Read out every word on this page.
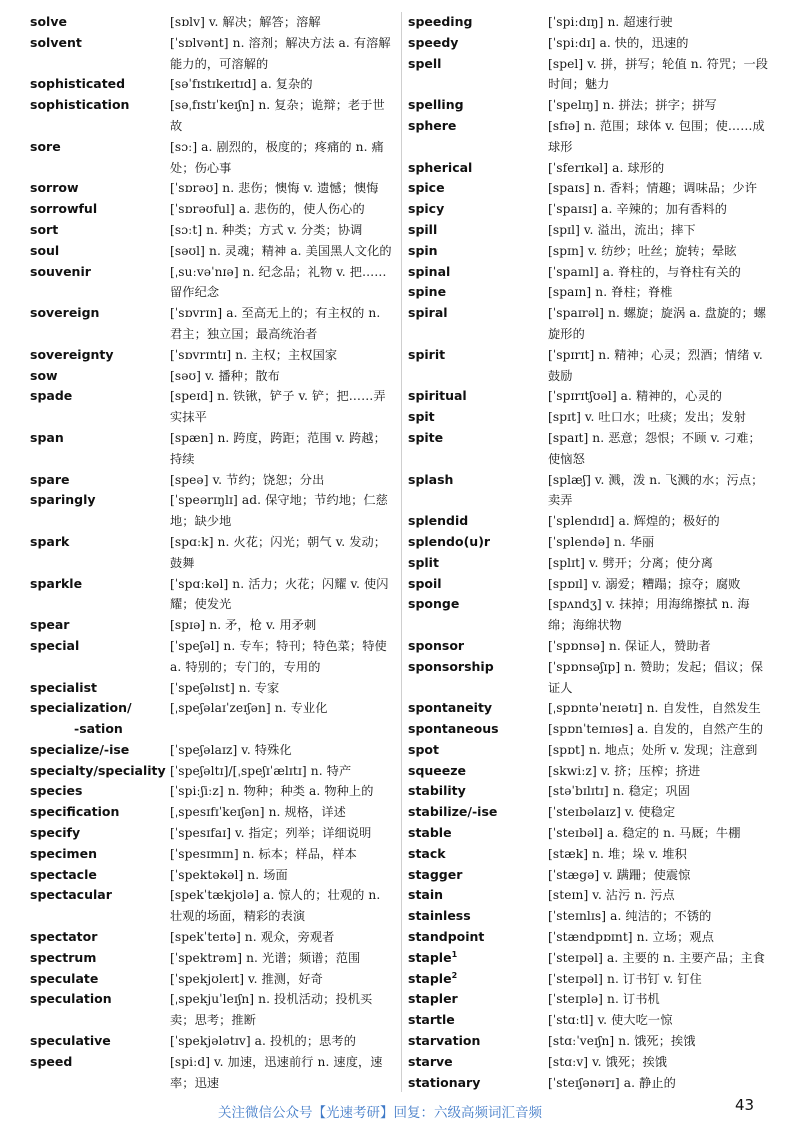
solve	[sɒlv] v. 解决；解答；溶解
solvent	[ˈsɒlvənt] n. 溶剂；解决方法 a. 有溶解能力的，可溶解的
sophisticated	[səˈfɪstɪkeɪtɪd] a. 复杂的
sophistication	[səˌfɪstɪˈkeɪʃn] n. 复杂；诡辩；老于世故
sore	[sɔː] a. 剧烈的，极度的；疼痛的 n. 痛处；伤心事
sorrow	[ˈsɒrəʊ] n. 悲伤；懊悔 v. 遗憾；懊悔
sorrowful	[ˈsɒrəʊful] a. 悲伤的，使人伤心的
sort	[sɔːt] n. 种类；方式 v. 分类；协调
soul	[səʊl] n. 灵魂；精神 a. 美国黑人文化的
souvenir	[ˌsuːvəˈnɪə] n. 纪念品；礼物 v. 把……留作纪念
sovereign	[ˈsɒvrɪn] a. 至高无上的；有主权的 n. 君主；独立国；最高统治者
sovereignty	[ˈsɒvrɪntɪ] n. 主权；主权国家
sow	[səʊ] v. 播种；散布
spade	[speɪd] n. 铁锹，铲子 v. 铲；把……弄实抹平
span	[spæn] n. 跨度，跨距；范围 v. 跨越；持续
spare	[speə] v. 节约；饶恕；分出
sparingly	[ˈspeərɪŋlɪ] ad. 保守地；节约地；仁慈地；缺少地
spark	[spɑːk] n. 火花；闪光；朝气 v. 发动；鼓舞
sparkle	[ˈspɑːkəl] n. 活力；火花；闪耀 v. 使闪耀；使发光
spear	[spɪə] n. 矛，枪 v. 用矛刺
special	[ˈspeʃəl] n. 专车；特刊；特色菜；特使 a. 特别的；专门的，专用的
specialist	[ˈspeʃəlɪst] n. 专家
specialization/
-sation
[ˌspeʃəlaɪˈzeɪʃən] n. 专业化
specialize/-ise	[ˈspeʃəlaɪz] v. 特殊化
specialty/speciality [ˈspeʃəltɪ]/[ˌspeʃɪˈælɪtɪ] n. 特产
species	[ˈspiːʃiːz] n. 物种；种类 a. 物种上的
specification	[ˌspesɪfɪˈkeɪʃən] n. 规格，详述
specify	[ˈspesɪfaɪ] v. 指定；列举；详细说明
specimen	[ˈspesɪmɪn] n. 标本；样品，样本
spectacle	[ˈspektəkəl] n. 场面
spectacular	[spekˈtækjʊlə] a. 惊人的；壮观的 n. 壮观的场面，精彩的表演
spectator	[spekˈteɪtə] n. 观众，旁观者
spectrum	[ˈspektrəm] n. 光谱；频谱；范围
speculate	[ˈspekjʊleɪt] v. 推测，好奇
speculation	[ˌspekjuˈleɪʃn] n. 投机活动；投机买卖；思考；推断
speculative	[ˈspekjələtɪv] a. 投机的；思考的
speed	[spiːd] v. 加速，迅速前行 n. 速度，速率；迅速
speeding	[ˈspiːdɪŋ] n. 超速行驶
speedy	[ˈspiːdɪ] a. 快的，迅速的
spell	[spel] v. 拼，拼写；轮值 n. 符咒；一段时间；魅力
spelling	[ˈspelɪŋ] n. 拼法；拼字；拼写
sphere	[sfɪə] n. 范围；球体 v. 包围；使……成球形
spherical	[ˈsferɪkəl] a. 球形的
spice	[spaɪs] n. 香料；情趣；调味品；少许
spicy	[ˈspaɪsɪ] a. 辛辣的；加有香料的
spill	[spɪl] v. 溢出，流出；摔下
spin	[spɪn] v. 纺纱；吐丝；旋转；晕眩
spinal	[ˈspaɪnl] a. 脊柱的，与脊柱有关的
spine	[spaɪn] n. 脊柱；脊椎
spiral	[ˈspaɪrəl] n. 螺旋；旋涡 a. 盘旋的；螺旋形的
spirit	[ˈspɪrɪt] n. 精神；心灵；烈酒；情绪 v. 鼓励
spiritual	[ˈspɪrɪtʃʊəl] a. 精神的，心灵的
spit	[spɪt] v. 吐口水；吐痰；发出；发射
spite	[spaɪt] n. 恶意；怨恨；不顾 v. 刁难；使恼怒
splash	[splæʃ] v. 溅，泼 n. 飞溅的水；污点；卖弄
splendid	[ˈsplendɪd] a. 辉煌的；极好的
splendo(u)r	[ˈsplendə] n. 华丽
split	[splɪt] v. 劈开；分离；使分离
spoil	[spɒɪl] v. 溺爱；糟蹋；掠夺；腐败
sponge	[spʌndʒ] v. 抹掉；用海绵擦拭 n. 海绵；海绵状物
sponsor	[ˈspɒnsə] n. 保证人，赞助者
sponsorship	[ˈspɒnsəʃɪp] n. 赞助；发起；倡议；保证人
spontaneity	[ˌspɒntəˈneɪətɪ] n. 自发性，自然发生
spontaneous	[spɒnˈteɪnɪəs] a. 自发的，自然产生的
spot	[spɒt] n. 地点；处所 v. 发现；注意到
squeeze	[skwiːz] v. 挤；压榨；挤进
stability	[stəˈbɪlɪtɪ] n. 稳定；巩固
stabilize/-ise	[ˈsteɪbəlaɪz] v. 使稳定
stable	[ˈsteɪbəl] a. 稳定的 n. 马厩；牛棚
stack	[stæk] n. 堆；垛 v. 堆积
stagger	[ˈstægə] v. 蹒跚；使震惊
stain	[steɪn] v. 沾污 n. 污点
stainless	[ˈsteɪnlɪs] a. 纯洁的；不锈的
standpoint	[ˈstændpɒɪnt] n. 立场；观点
staple$^1$	[ˈsteɪpəl] a. 主要的 n. 主要产品；主食
staple$^2$	[ˈsteɪpəl] n. 订书钉 v. 钉住
stapler	[ˈsteɪplə] n. 订书机
startle	[ˈstɑːtl] v. 使大吃一惊
starvation	[stɑːˈveɪʃn] n. 饿死；挨饿
starve	[stɑːv] v. 饿死；挨饿
stationary	[ˈsteɪʃənərɪ] a. 静止的
关注微信公众号【光速考研】回复：六级高频词汇音频	43
